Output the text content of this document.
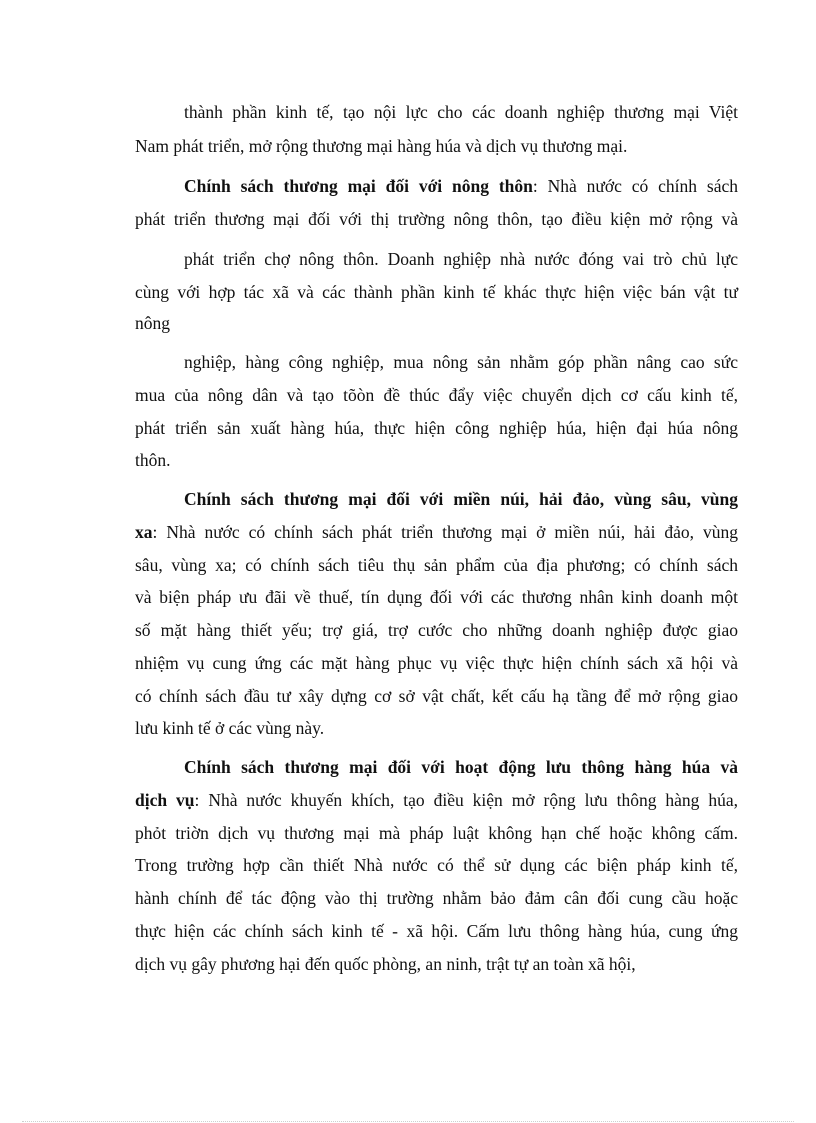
thành phần kinh tế, tạo nội lực cho các doanh nghiệp thương mại Việt

Nam phát triển, mở rộng thương mại hàng húa và dịch vụ thương mại.

Chính sách thương mại đối với nông thôn: Nhà nước có chính sách

phát triển thương mại đối với thị trường nông thôn, tạo điều kiện mở rộng và

phát triển chợ nông thôn. Doanh nghiệp nhà nước đóng vai trò chủ lực

cùng với hợp tác xã và các thành phần kinh tế khác thực hiện việc bán vật tư

nông

nghiệp, hàng công nghiệp, mua nông sản nhằm góp phần nâng cao sức

mua của nông dân và tạo tõòn đề thúc đẩy việc chuyển dịch cơ cấu kinh tế,

phát triển sản xuất hàng húa, thực hiện công nghiệp húa, hiện đại húa nông

thôn.

Chính sách thương mại đối với miền núi, hải đảo, vùng sâu, vùng

xa: Nhà nước có chính sách phát triển thương mại ở miền núi, hải đảo, vùng

sâu, vùng xa; có chính sách tiêu thụ sản phẩm của địa phương; có chính sách

và biện pháp ưu đãi về thuế, tín dụng đối với các thương nhân kinh doanh một

số mặt hàng thiết yếu; trợ giá, trợ cước cho những doanh nghiệp được giao

nhiệm vụ cung ứng các mặt hàng phục vụ việc thực hiện chính sách xã hội và

có chính sách đầu tư xây dựng cơ sở vật chất, kết cấu hạ tầng để mở rộng giao

lưu kinh tế ở các vùng này.

Chính sách thương mại đối với hoạt động lưu thông hàng húa và

dịch vụ: Nhà nước khuyến khích, tạo điều kiện mở rộng lưu thông hàng húa,

phỏt triờn dịch vụ thương mại mà pháp luật không hạn chế hoặc không cấm.

Trong trường hợp cần thiết Nhà nước có thể sử dụng các biện pháp kinh tế,

hành chính để tác động vào thị trường nhằm bảo đảm cân đối cung cầu hoặc

thực hiện các chính sách kinh tế - xã hội. Cấm lưu thông hàng húa, cung ứng

dịch vụ gây phương hại đến quốc phòng, an ninh, trật tự an toàn xã hội,
